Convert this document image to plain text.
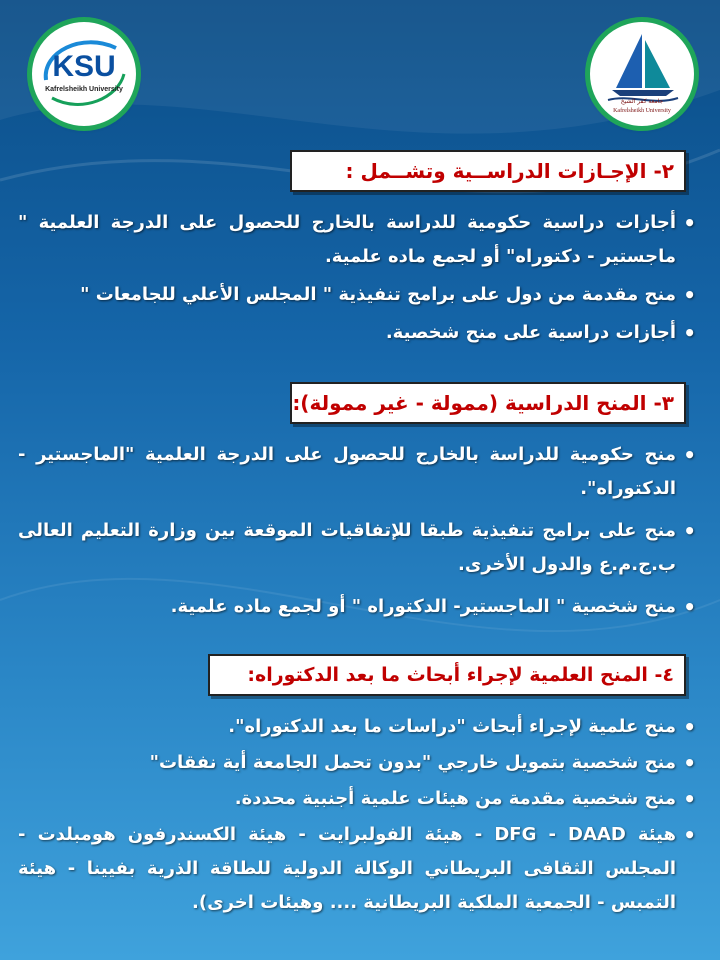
KSU
Kafrelsheikh University
جامعة كفر الشيخ
Kafrelsheikh University
٢- الإجـازات الدراســية وتشــمل :
• أجازات دراسية حكومية للدراسة بالخارج للحصول على الدرجة العلمية " ماجستير - دكتوراه" أو لجمع ماده علمية.
• منح مقدمة من دول على برامج تنفيذية " المجلس الأعلي للجامعات "
• أجازات دراسية على منح شخصية.
٣- المنح الدراسية (ممولة - غير ممولة):
• منح حكومية للدراسة بالخارج للحصول على الدرجة العلمية "الماجستير - الدكتوراه".
• منح على برامج تنفيذية طبقا للإتفاقيات الموقعة بين وزارة التعليم العالى ب.ج.م.ع والدول الأخرى.
• منح شخصية " الماجستير- الدكتوراه " أو لجمع ماده علمية.
٤- المنح العلمية لإجراء أبحاث ما بعد الدكتوراه:
• منح علمية لإجراء أبحاث "دراسات ما بعد الدكتوراه".
• منح شخصية بتمويل خارجي "بدون تحمل الجامعة أية نفقات"
• منح شخصية مقدمة من هيئات علمية أجنبية محددة.
• هيئة DFG - DAAD - هيئة الفولبرايت - هيئة الكسندرفون هومبلدت - المجلس الثقافى البريطاني الوكالة الدولية للطاقة الذرية بفيينا - هيئة التمبس - الجمعية الملكية البريطانية .... وهيئات اخرى).
